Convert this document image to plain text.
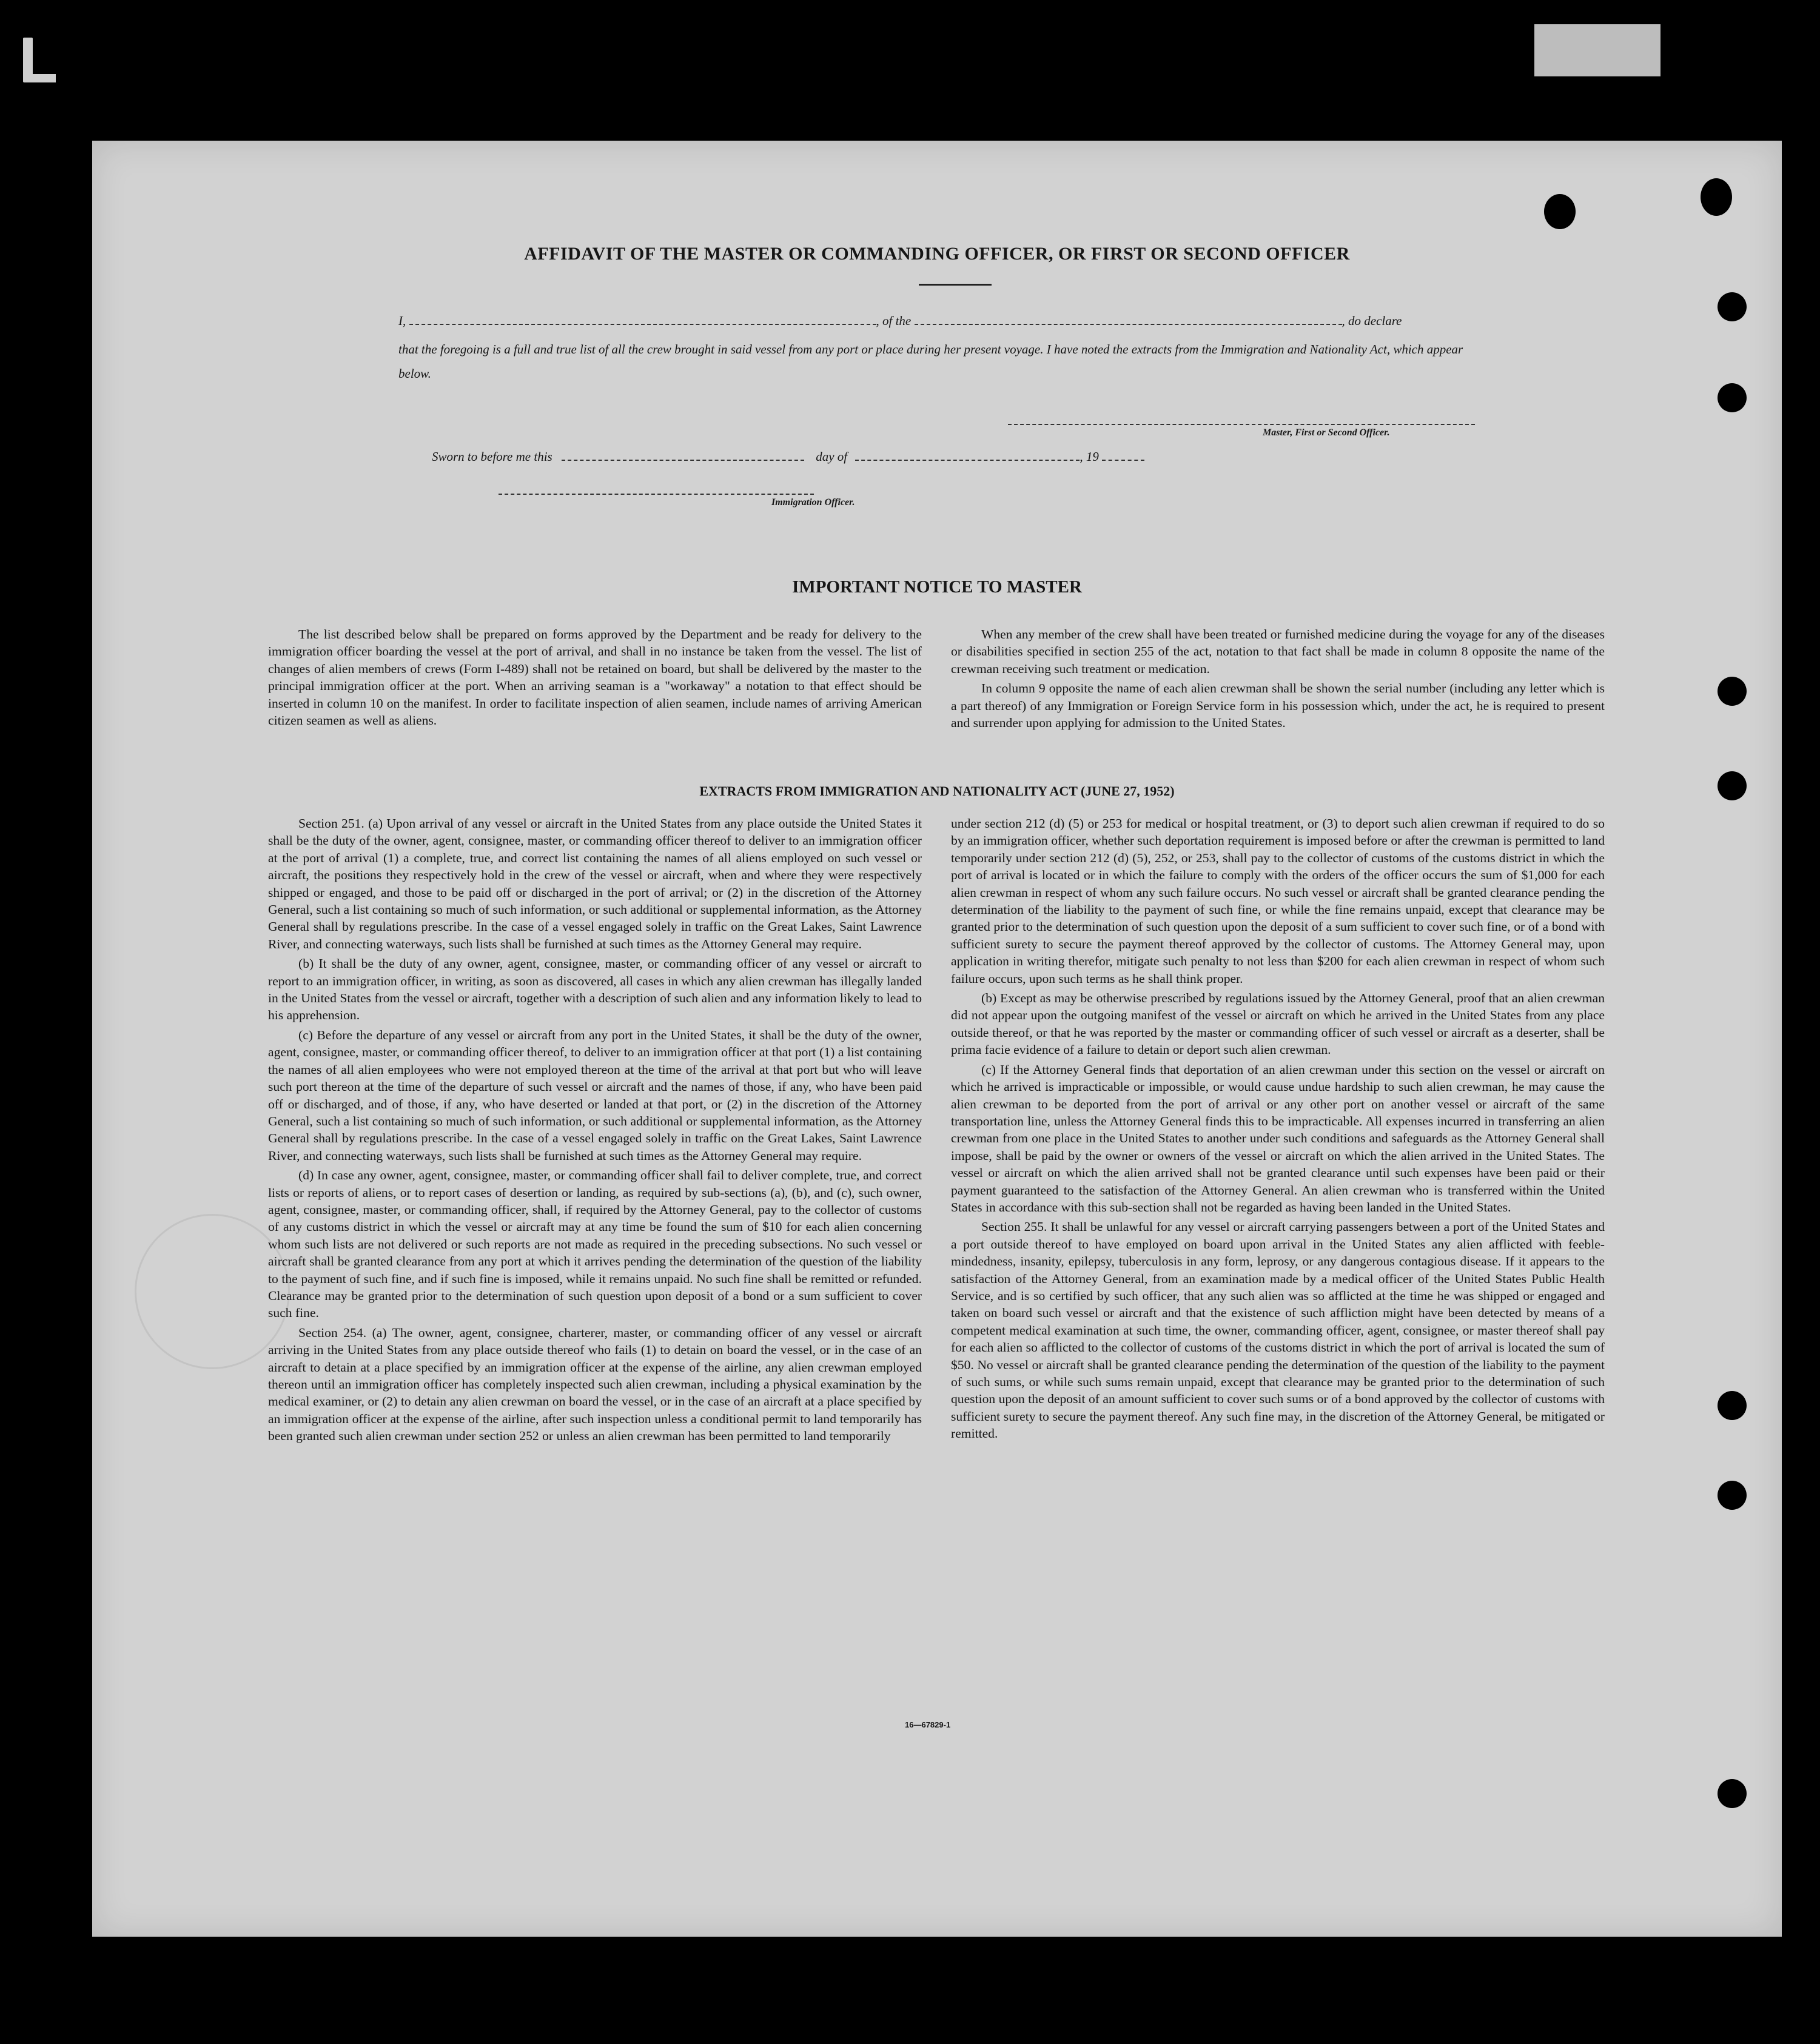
AFFIDAVIT OF THE MASTER OR COMMANDING OFFICER, OR FIRST OR SECOND OFFICER
I,	, of the	, do declare
that the foregoing is a full and true list of all the crew brought in said vessel from any port or place during her present voyage. I have noted the extracts from the Immigration and Nationality Act, which appear below.
Master, First or Second Officer.
Sworn to before me this	day of	, 19
Immigration Officer.
IMPORTANT NOTICE TO MASTER

The list described below shall be prepared on forms approved by the Department and be ready for delivery to the immigration officer boarding the vessel at the port of arrival, and shall in no instance be taken from the vessel. The list of changes of alien members of crews (Form I-489) shall not be retained on board, but shall be delivered by the master to the principal immigration officer at the port. When an arriving seaman is a "workaway" a notation to that effect should be inserted in column 10 on the manifest. In order to facilitate inspection of alien seamen, include names of arriving American citizen seamen as well as aliens.

When any member of the crew shall have been treated or furnished medicine during the voyage for any of the diseases or disabilities specified in section 255 of the act, notation to that fact shall be made in column 8 opposite the name of the crewman receiving such treatment or medication.

In column 9 opposite the name of each alien crewman shall be shown the serial number (including any letter which is a part thereof) of any Immigration or Foreign Service form in his possession which, under the act, he is required to present and surrender upon applying for admission to the United States.

EXTRACTS FROM IMMIGRATION AND NATIONALITY ACT (JUNE 27, 1952)

Section 251. (a) Upon arrival of any vessel or aircraft in the United States from any place outside the United States it shall be the duty of the owner, agent, consignee, master, or commanding officer thereof to deliver to an immigration officer at the port of arrival (1) a complete, true, and correct list containing the names of all aliens employed on such vessel or aircraft, the positions they respectively hold in the crew of the vessel or aircraft, when and where they were respectively shipped or engaged, and those to be paid off or discharged in the port of arrival; or (2) in the discretion of the Attorney General, such a list containing so much of such information, or such additional or supplemental information, as the Attorney General shall by regulations prescribe. In the case of a vessel engaged solely in traffic on the Great Lakes, Saint Lawrence River, and connecting waterways, such lists shall be furnished at such times as the Attorney General may require.

(b) It shall be the duty of any owner, agent, consignee, master, or commanding officer of any vessel or aircraft to report to an immigration officer, in writing, as soon as discovered, all cases in which any alien crewman has illegally landed in the United States from the vessel or aircraft, together with a description of such alien and any information likely to lead to his apprehension.

(c) Before the departure of any vessel or aircraft from any port in the United States, it shall be the duty of the owner, agent, consignee, master, or commanding officer thereof, to deliver to an immigration officer at that port (1) a list containing the names of all alien employees who were not employed thereon at the time of the arrival at that port but who will leave such port thereon at the time of the departure of such vessel or aircraft and the names of those, if any, who have been paid off or discharged, and of those, if any, who have deserted or landed at that port, or (2) in the discretion of the Attorney General, such a list containing so much of such information, or such additional or supplemental information, as the Attorney General shall by regulations prescribe. In the case of a vessel engaged solely in traffic on the Great Lakes, Saint Lawrence River, and connecting waterways, such lists shall be furnished at such times as the Attorney General may require.

(d) In case any owner, agent, consignee, master, or commanding officer shall fail to deliver complete, true, and correct lists or reports of aliens, or to report cases of desertion or landing, as required by sub-sections (a), (b), and (c), such owner, agent, consignee, master, or commanding officer, shall, if required by the Attorney General, pay to the collector of customs of any customs district in which the vessel or aircraft may at any time be found the sum of $10 for each alien concerning whom such lists are not delivered or such reports are not made as required in the preceding subsections. No such vessel or aircraft shall be granted clearance from any port at which it arrives pending the determination of the question of the liability to the payment of such fine, and if such fine is imposed, while it remains unpaid. No such fine shall be remitted or refunded. Clearance may be granted prior to the determination of such question upon deposit of a bond or a sum sufficient to cover such fine.

Section 254. (a) The owner, agent, consignee, charterer, master, or commanding officer of any vessel or aircraft arriving in the United States from any place outside thereof who fails (1) to detain on board the vessel, or in the case of an aircraft to detain at a place specified by an immigration officer at the expense of the airline, any alien crewman employed thereon until an immigration officer has completely inspected such alien crewman, including a physical examination by the medical examiner, or (2) to detain any alien crewman on board the vessel, or in the case of an aircraft at a place specified by an immigration officer at the expense of the airline, after such inspection unless a conditional permit to land temporarily has been granted such alien crewman under section 252 or unless an alien crewman has been permitted to land temporarily

under section 212 (d) (5) or 253 for medical or hospital treatment, or (3) to deport such alien crewman if required to do so by an immigration officer, whether such deportation requirement is imposed before or after the crewman is permitted to land temporarily under section 212 (d) (5), 252, or 253, shall pay to the collector of customs of the customs district in which the port of arrival is located or in which the failure to comply with the orders of the officer occurs the sum of $1,000 for each alien crewman in respect of whom any such failure occurs. No such vessel or aircraft shall be granted clearance pending the determination of the liability to the payment of such fine, or while the fine remains unpaid, except that clearance may be granted prior to the determination of such question upon the deposit of a sum sufficient to cover such fine, or of a bond with sufficient surety to secure the payment thereof approved by the collector of customs. The Attorney General may, upon application in writing therefor, mitigate such penalty to not less than $200 for each alien crewman in respect of whom such failure occurs, upon such terms as he shall think proper.

(b) Except as may be otherwise prescribed by regulations issued by the Attorney General, proof that an alien crewman did not appear upon the outgoing manifest of the vessel or aircraft on which he arrived in the United States from any place outside thereof, or that he was reported by the master or commanding officer of such vessel or aircraft as a deserter, shall be prima facie evidence of a failure to detain or deport such alien crewman.

(c) If the Attorney General finds that deportation of an alien crewman under this section on the vessel or aircraft on which he arrived is impracticable or impossible, or would cause undue hardship to such alien crewman, he may cause the alien crewman to be deported from the port of arrival or any other port on another vessel or aircraft of the same transportation line, unless the Attorney General finds this to be impracticable. All expenses incurred in transferring an alien crewman from one place in the United States to another under such conditions and safeguards as the Attorney General shall impose, shall be paid by the owner or owners of the vessel or aircraft on which the alien arrived in the United States. The vessel or aircraft on which the alien arrived shall not be granted clearance until such expenses have been paid or their payment guaranteed to the satisfaction of the Attorney General. An alien crewman who is transferred within the United States in accordance with this sub-section shall not be regarded as having been landed in the United States.

Section 255. It shall be unlawful for any vessel or aircraft carrying passengers between a port of the United States and a port outside thereof to have employed on board upon arrival in the United States any alien afflicted with feeble-mindedness, insanity, epilepsy, tuberculosis in any form, leprosy, or any dangerous contagious disease. If it appears to the satisfaction of the Attorney General, from an examination made by a medical officer of the United States Public Health Service, and is so certified by such officer, that any such alien was so afflicted at the time he was shipped or engaged and taken on board such vessel or aircraft and that the existence of such affliction might have been detected by means of a competent medical examination at such time, the owner, commanding officer, agent, consignee, or master thereof shall pay for each alien so afflicted to the collector of customs of the customs district in which the port of arrival is located the sum of $50. No vessel or aircraft shall be granted clearance pending the determination of the question of the liability to the payment of such sums, or while such sums remain unpaid, except that clearance may be granted prior to the determination of such question upon the deposit of an amount sufficient to cover such sums or of a bond approved by the collector of customs with sufficient surety to secure the payment thereof. Any such fine may, in the discretion of the Attorney General, be mitigated or remitted.

16—67829-1
